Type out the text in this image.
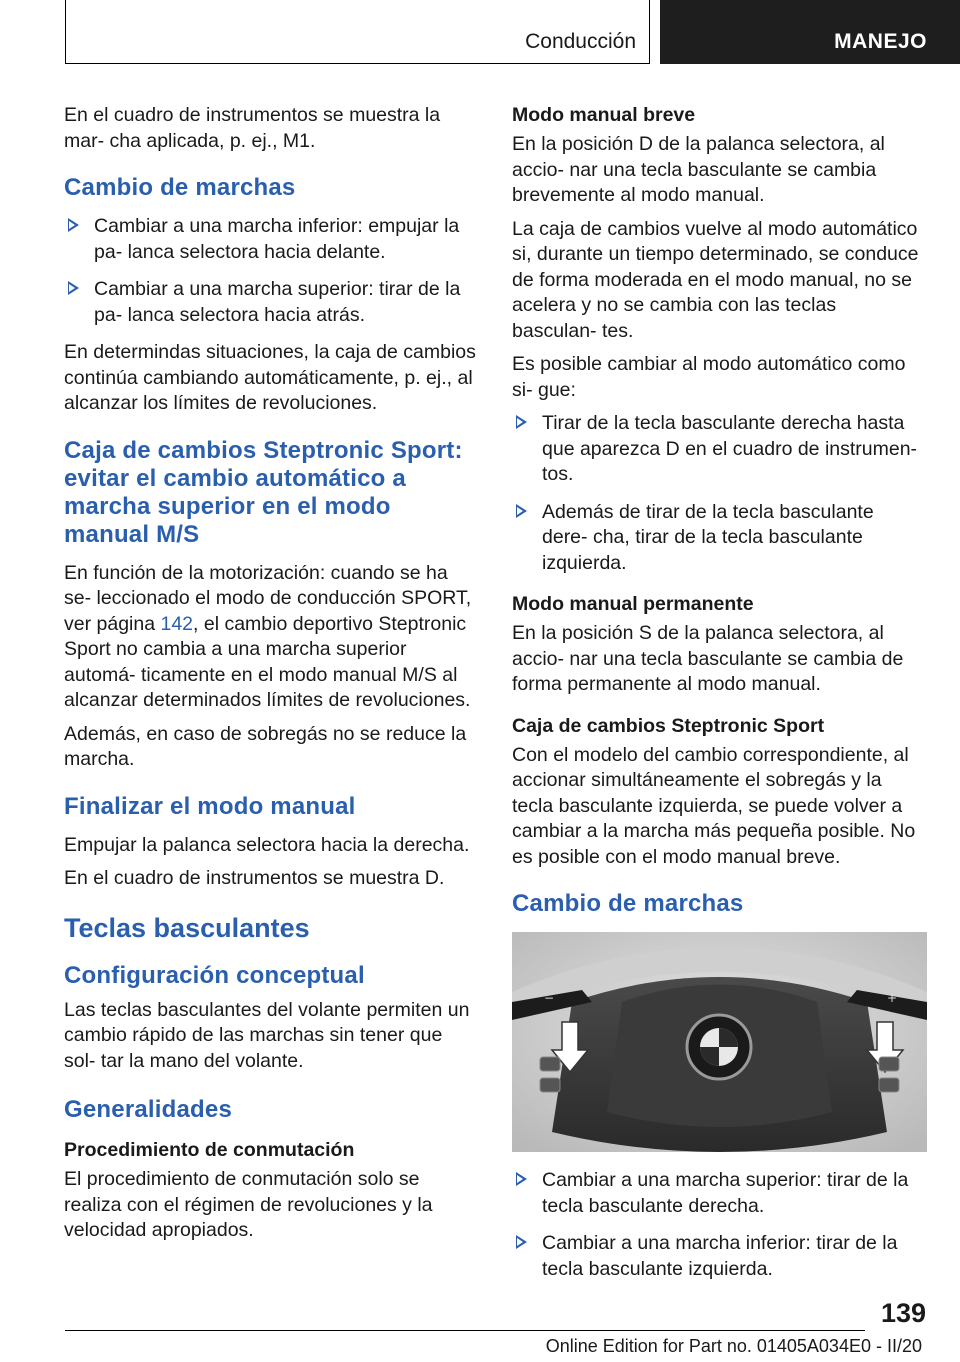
Conducción	MANEJO

En el cuadro de instrumentos se muestra la mar- cha aplicada, p. ej., M1.

Cambio de marchas
Cambiar a una marcha inferior: empujar la pa- lanca selectora hacia delante.
Cambiar a una marcha superior: tirar de la pa- lanca selectora hacia atrás.

En determindas situaciones, la caja de cambios continúa cambiando automáticamente, p. ej., al alcanzar los límites de revoluciones.

Caja de cambios Steptronic Sport: evitar el cambio automático a marcha superior en el modo manual M/S

En función de la motorización: cuando se ha se- leccionado el modo de conducción SPORT, ver página 142, el cambio deportivo Steptronic Sport no cambia a una marcha superior automá- ticamente en el modo manual M/S al alcanzar determinados límites de revoluciones.

Además, en caso de sobregás no se reduce la marcha.

Finalizar el modo manual

Empujar la palanca selectora hacia la derecha.

En el cuadro de instrumentos se muestra D.

Teclas basculantes
Configuración conceptual

Las teclas basculantes del volante permiten un cambio rápido de las marchas sin tener que sol- tar la mano del volante.

Generalidades
Procedimiento de conmutación

El procedimiento de conmutación solo se realiza con el régimen de revoluciones y la velocidad apropiados.

Modo manual breve

En la posición D de la palanca selectora, al accio- nar una tecla basculante se cambia brevemente al modo manual.

La caja de cambios vuelve al modo automático si, durante un tiempo determinado, se conduce de forma moderada en el modo manual, no se acelera y no se cambia con las teclas basculan- tes.

Es posible cambiar al modo automático como si- gue:

Tirar de la tecla basculante derecha hasta que aparezca D en el cuadro de instrumen- tos.
Además de tirar de la tecla basculante dere- cha, tirar de la tecla basculante izquierda.
Modo manual permanente

En la posición S de la palanca selectora, al accio- nar una tecla basculante se cambia de forma permanente al modo manual.

Caja de cambios Steptronic Sport

Con el modelo del cambio correspondiente, al accionar simultáneamente el sobregás y la tecla basculante izquierda, se puede volver a cambiar a la marcha más pequeña posible. No es posible con el modo manual breve.

Cambio de marchas
−	+
Cambiar a una marcha superior: tirar de la tecla basculante derecha.
Cambiar a una marcha inferior: tirar de la tecla basculante izquierda.
139
Online Edition for Part no. 01405A034E0 - II/20
